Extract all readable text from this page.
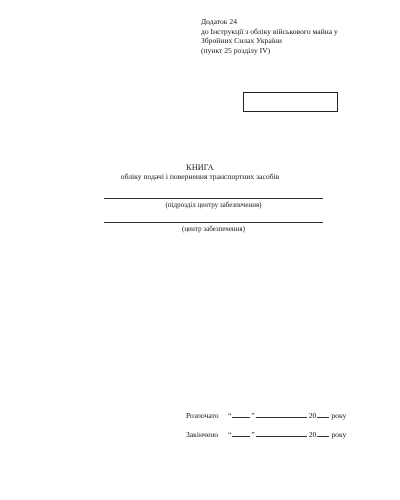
Додаток 24
до Інструкції з обліку військового майна у
Збройних Силах України
(пункт 25 розділу IV)
КНИГА
обліку подачі і повернення транспортних засобів
(підрозділ центру забезпечення)
(центр забезпечення)
Розпочато	“	”	20 року
Закінчено	“	”	20 року
